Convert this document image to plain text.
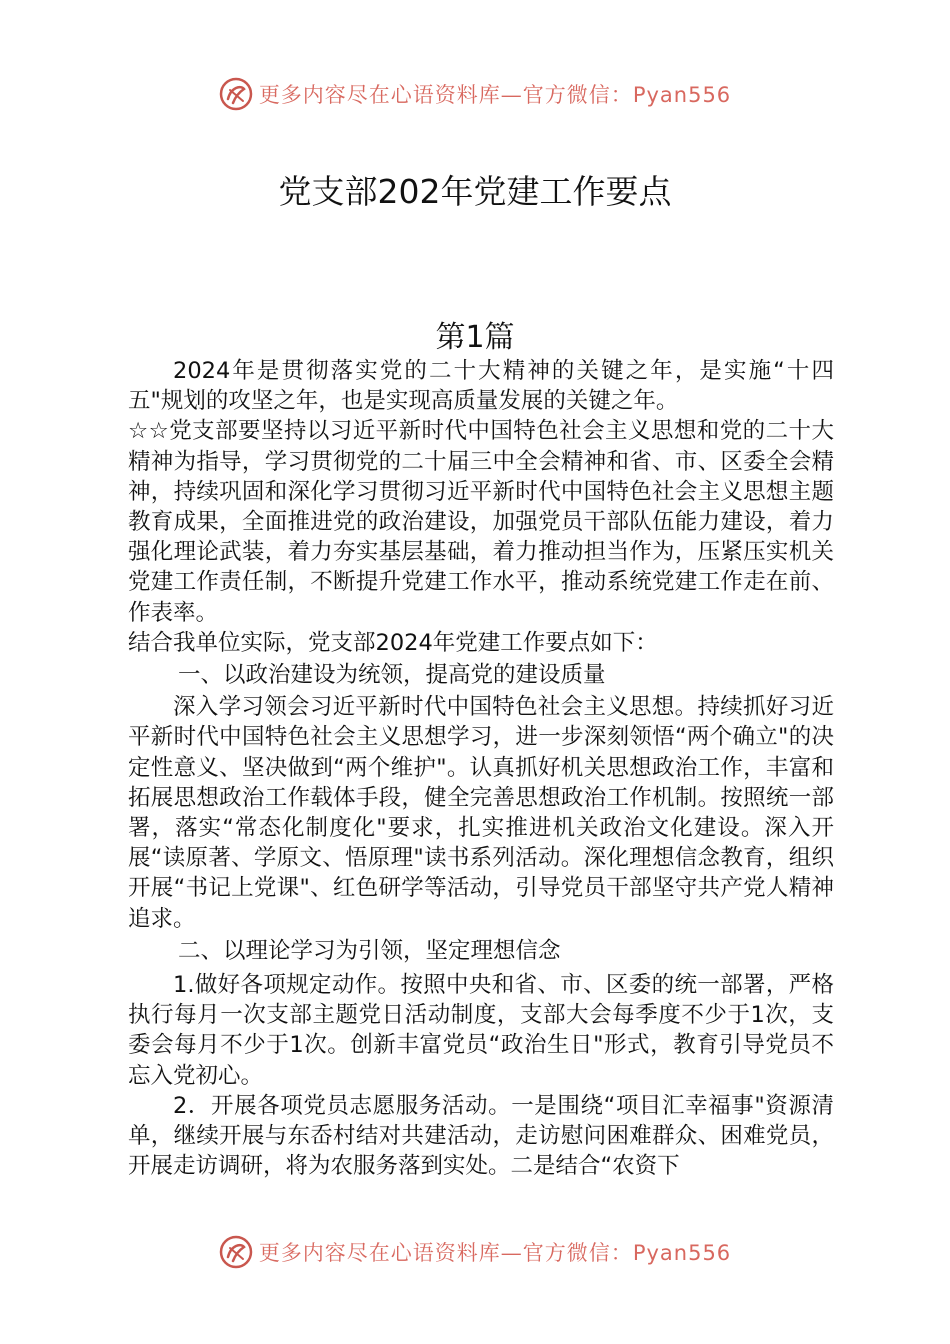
更多内容尽在心语资料库—官方微信：Pyan556
党支部202年党建工作要点
第1篇

2024年是贯彻落实党的二十大精神的关键之年，是实施“十四五"规划的攻坚之年，也是实现高质量发展的关键之年。

☆☆党支部要坚持以习近平新时代中国特色社会主义思想和党的二十大精神为指导，学习贯彻党的二十届三中全会精神和省、市、区委全会精神，持续巩固和深化学习贯彻习近平新时代中国特色社会主义思想主题教育成果，全面推进党的政治建设，加强党员干部队伍能力建设，着力强化理论武装，着力夯实基层基础，着力推动担当作为，压紧压实机关党建工作责任制，不断提升党建工作水平，推动系统党建工作走在前、作表率。

结合我单位实际，党支部2024年党建工作要点如下：

一、以政治建设为统领，提高党的建设质量

深入学习领会习近平新时代中国特色社会主义思想。持续抓好习近平新时代中国特色社会主义思想学习，进一步深刻领悟“两个确立"的决定性意义、坚决做到“两个维护"。认真抓好机关思想政治工作，丰富和拓展思想政治工作载体手段，健全完善思想政治工作机制。按照统一部署，落实“常态化制度化"要求，扎实推进机关政治文化建设。深入开展“读原著、学原文、悟原理"读书系列活动。深化理想信念教育，组织开展“书记上党课"、红色研学等活动，引导党员干部坚守共产党人精神追求。

二、以理论学习为引领，坚定理想信念

1.做好各项规定动作。按照中央和省、市、区委的统一部署，严格执行每月一次支部主题党日活动制度，支部大会每季度不少于1次，支委会每月不少于1次。创新丰富党员“政治生日"形式，教育引导党员不忘入党初心。

2．开展各项党员志愿服务活动。一是围绕“项目汇幸福事"资源清单，继续开展与东岙村结对共建活动，走访慰问困难群众、困难党员，开展走访调研，将为农服务落到实处。二是结合“农资下

更多内容尽在心语资料库—官方微信：Pyan556
